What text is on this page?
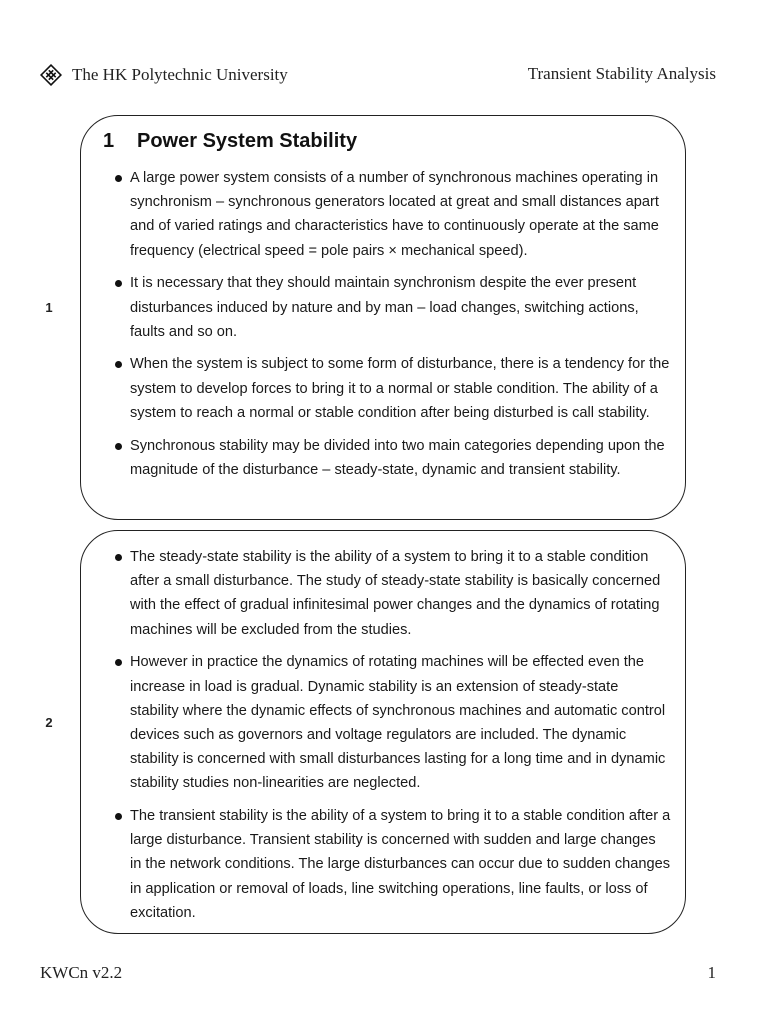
The HK Polytechnic University	Transient Stability Analysis
1
1 Power System Stability
A large power system consists of a number of synchronous machines operating in synchronism – synchronous generators located at great and small distances apart and of varied ratings and characteristics have to continuously operate at the same frequency (electrical speed = pole pairs × mechanical speed).
It is necessary that they should maintain synchronism despite the ever present disturbances induced by nature and by man – load changes, switching actions, faults and so on.
When the system is subject to some form of disturbance, there is a tendency for the system to develop forces to bring it to a normal or stable condition. The ability of a system to reach a normal or stable condition after being disturbed is call stability.
Synchronous stability may be divided into two main categories depending upon the magnitude of the disturbance – steady-state, dynamic and transient stability.
2
The steady-state stability is the ability of a system to bring it to a stable condition after a small disturbance. The study of steady-state stability is basically concerned with the effect of gradual infinitesimal power changes and the dynamics of rotating machines will be excluded from the studies.
However in practice the dynamics of rotating machines will be effected even the increase in load is gradual. Dynamic stability is an extension of steady-state stability where the dynamic effects of synchronous machines and automatic control devices such as governors and voltage regulators are included. The dynamic stability is concerned with small disturbances lasting for a long time and in dynamic stability studies non-linearities are neglected.
The transient stability is the ability of a system to bring it to a stable condition after a large disturbance. Transient stability is concerned with sudden and large changes in the network conditions. The large disturbances can occur due to sudden changes in application or removal of loads, line switching operations, line faults, or loss of excitation.
KWCn v2.2	1
